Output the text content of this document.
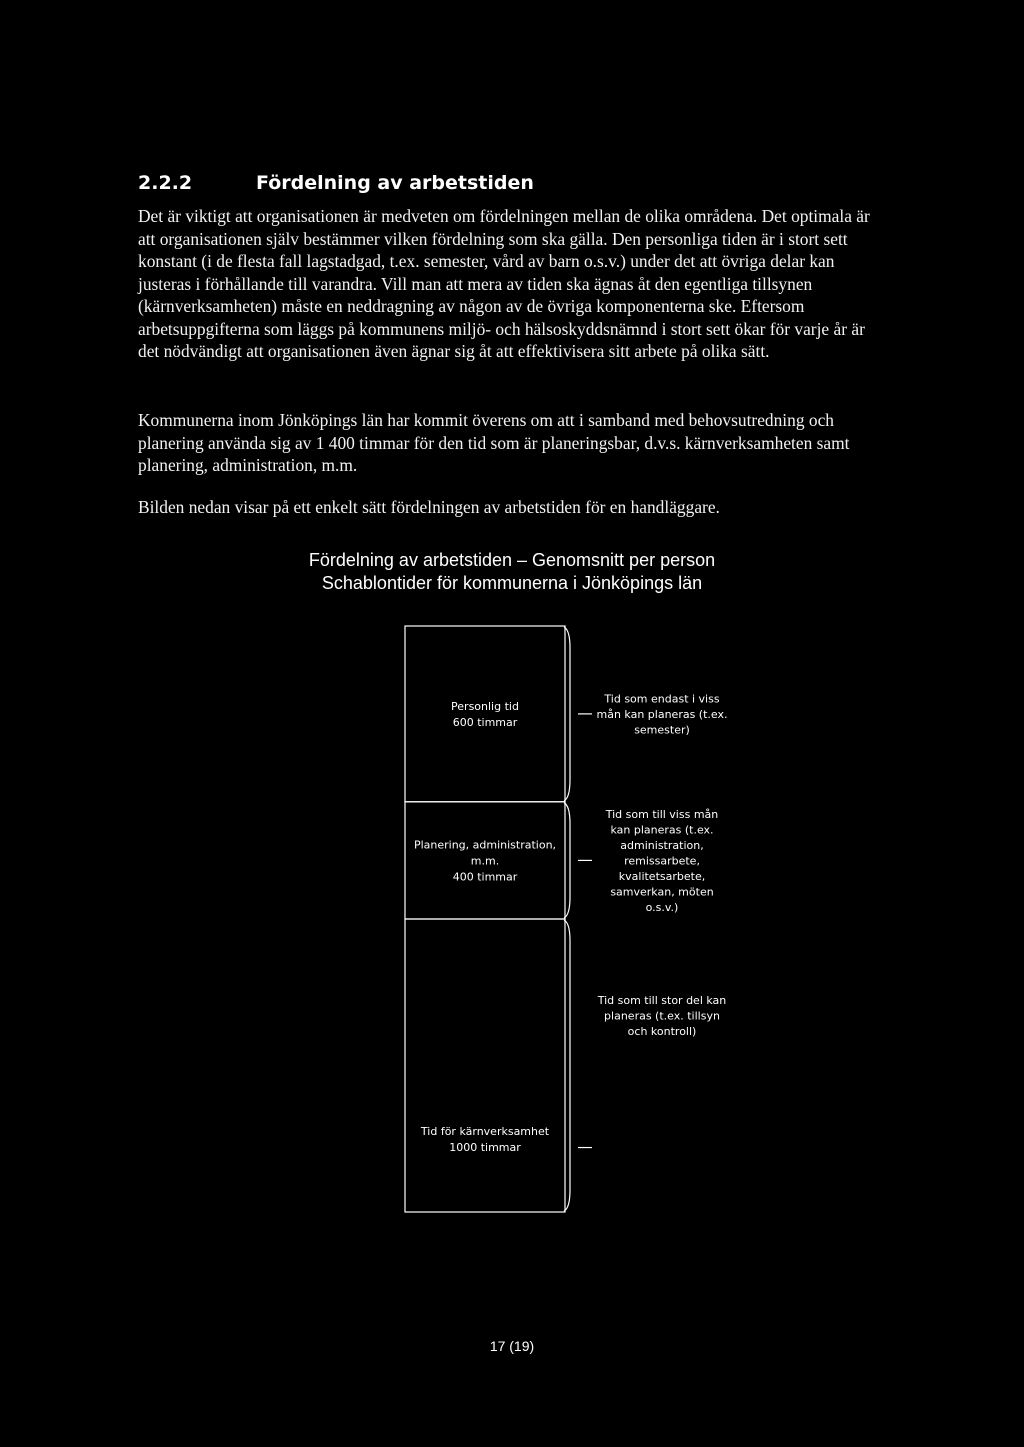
2.2.2	Fördelning av arbetstiden

Det är viktigt att organisationen är medveten om fördelningen mellan de olika områdena. Det optimala är att organisationen själv bestämmer vilken fördelning som ska gälla. Den personliga tiden är i stort sett konstant (i de flesta fall lagstadgad, t.ex. semester, vård av barn o.s.v.) under det att övriga delar kan justeras i förhållande till varandra. Vill man att mera av tiden ska ägnas åt den egentliga tillsynen (kärnverksamheten) måste en neddragning av någon av de övriga komponenterna ske. Eftersom arbetsuppgifterna som läggs på kommunens miljö- och hälsoskyddsnämnd i stort sett ökar för varje år är det nödvändigt att organisationen även ägnar sig åt att effektivisera sitt arbete på olika sätt.

Kommunerna inom Jönköpings län har kommit överens om att i samband med behovsutredning och planering använda sig av 1 400 timmar för den tid som är planeringsbar, d.v.s. kärnverksamheten samt planering, administration, m.m.

Bilden nedan visar på ett enkelt sätt fördelningen av arbetstiden för en handläggare.

Fördelning av arbetstiden – Genomsnitt per person
Schablontider för kommunerna i Jönköpings län
Personlig tid 600 timmar
Tid som endast i viss mån kan planeras (t.ex. semester)
Planering, administration, m.m. 400 timmar
Tid som till viss mån kan planeras (t.ex. administration, remissarbete, kvalitetsarbete, samverkan, möten o.s.v.)
Tid för kärnverksamhet 1000 timmar
Tid som till stor del kan planeras (t.ex. tillsyn och kontroll)
17 (19)
